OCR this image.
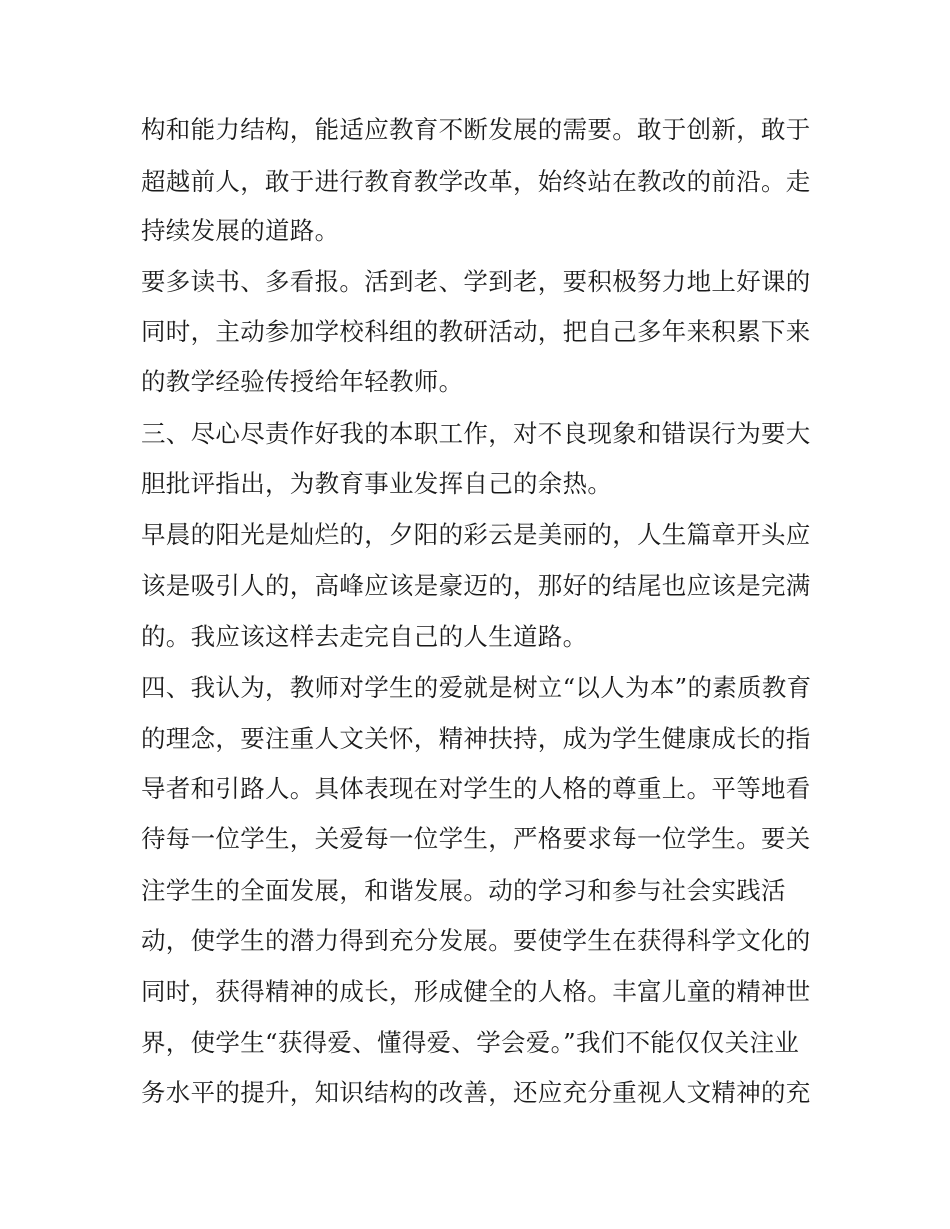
构和能力结构，能适应教育不断发展的需要。敢于创新，敢于
超越前人，敢于进行教育教学改革，始终站在教改的前沿。走
持续发展的道路。
要多读书、多看报。活到老、学到老，要积极努力地上好课的
同时，主动参加学校科组的教研活动，把自己多年来积累下来
的教学经验传授给年轻教师。
三、尽心尽责作好我的本职工作，对不良现象和错误行为要大
胆批评指出，为教育事业发挥自己的余热。
早晨的阳光是灿烂的，夕阳的彩云是美丽的，人生篇章开头应
该是吸引人的，高峰应该是豪迈的，那好的结尾也应该是完满
的。我应该这样去走完自己的人生道路。
四、我认为，教师对学生的爱就是树立“以人为本”的素质教育
的理念，要注重人文关怀，精神扶持，成为学生健康成长的指
导者和引路人。具体表现在对学生的人格的尊重上。平等地看
待每一位学生，关爱每一位学生，严格要求每一位学生。要关
注学生的全面发展，和谐发展。动的学习和参与社会实践活
动，使学生的潜力得到充分发展。要使学生在获得科学文化的
同时，获得精神的成长，形成健全的人格。丰富儿童的精神世
界，使学生“获得爱、懂得爱、学会爱。”我们不能仅仅关注业
务水平的提升，知识结构的改善，还应充分重视人文精神的充
